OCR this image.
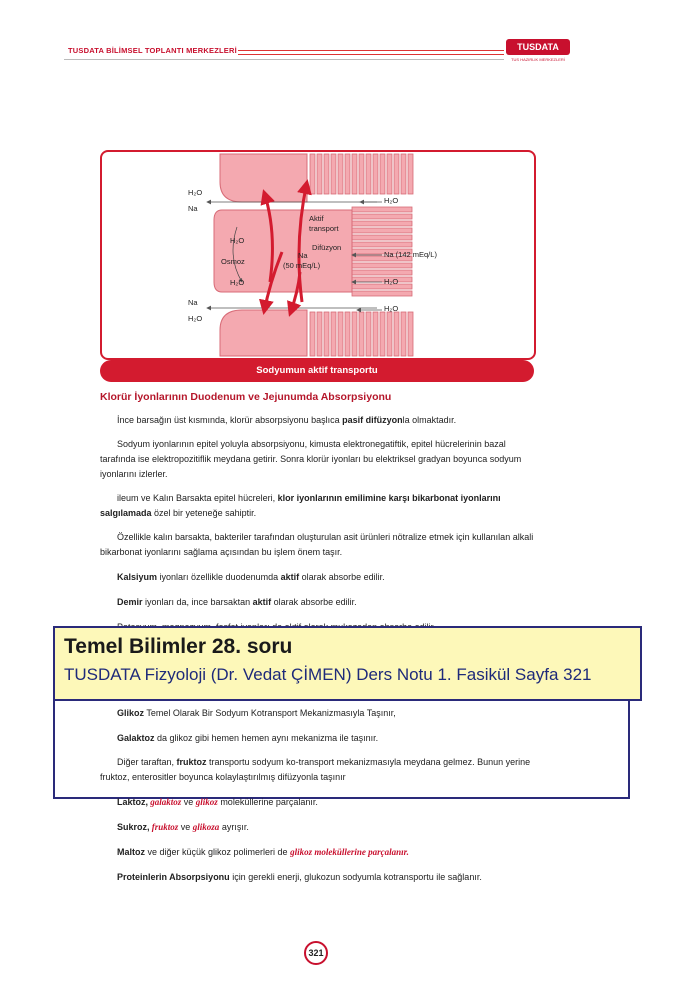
TUSDATA BİLİMSEL TOPLANTI MERKEZLERİ	TUSDATA
TUS HAZIRLIK MERKEZLERİ
H₂O
Na
H₂O
Aktif
transport
H₂O
Difüzyon
Osmoz
Na
(50 mEq/L)
Na (142 mEq/L)
H₂O	H₂O
Na
H₂O
H₂O
Sodyumun aktif transportu
Klorür İyonlarının Duodenum ve Jejunumda Absorpsiyonu
İnce barsağın üst kısmında, klorür absorpsiyonu başlıca pasif difüzyonla olmaktadır.
Sodyum iyonlarının epitel yoluyla absorpsiyonu, kimusta elektronegatiftik, epitel hücrelerinin bazal tarafında ise elektropozitiflik meydana getirir. Sonra klorür iyonları bu elektriksel gradyan boyunca sodyum iyonlarını izlerler.
ileum ve Kalın Barsakta epitel hücreleri, klor iyonlarının emilimine karşı bikarbonat iyonlarını salgılamada özel bir yeteneğe sahiptir.
Özellikle kalın barsakta, bakteriler tarafından oluşturulan asit ürünleri nötralize etmek için kullanılan alkali bikarbonat iyonlarını sağlama açısından bu işlem önem taşır.
Kalsiyum iyonları özellikle duodenumda aktif olarak absorbe edilir.
Demir iyonları da, ince barsaktan aktif olarak absorbe edilir.
Glikoz Temel Olarak Bir Sodyum Kotransport Mekanizmasıyla Taşınır,
Galaktoz da glikoz gibi hemen hemen aynı mekanizma ile taşınır.
Diğer taraftan, fruktoz transportu sodyum ko-transport mekanizmasıyla meydana gelmez. Bunun yerine fruktoz, enterositler boyunca kolaylaştırılmış difüzyonla taşınır
Temel Bilimler 28. soru
TUSDATA Fizyoloji (Dr. Vedat ÇİMEN) Ders Notu 1. Fasikül Sayfa 321
Laktoz, galaktoz ve glikoz moleküllerine parçalanır.
Sukroz, fruktoz ve glikoza ayrışır.
Maltoz ve diğer küçük glikoz polimerleri de glikoz moleküllerine parçalanır.
Proteinlerin Absorpsiyonu için gerekli enerji, glukozun sodyumla kotransportu ile sağlanır.
321
